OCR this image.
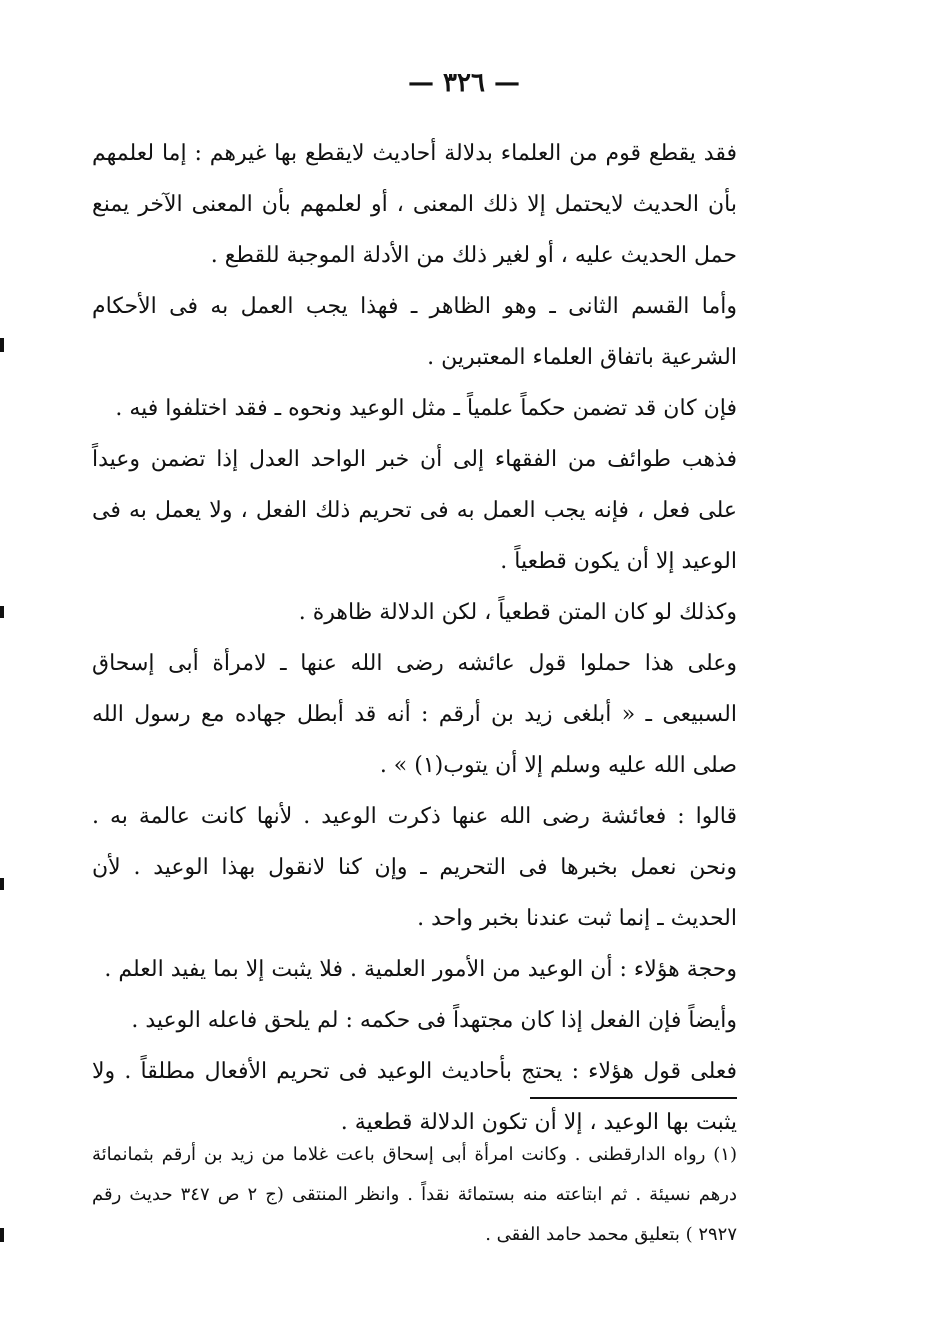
— ٣٢٦ —

فقد يقطع قوم من العلماء بدلالة أحاديث لايقطع بها غيرهم : إما لعلمهم بأن الحديث لايحتمل إلا ذلك المعنى ، أو لعلمهم بأن المعنى الآخر يمنع حمل الحديث عليه ، أو لغير ذلك من الأدلة الموجبة للقطع .

وأما القسم الثانى ـ وهو الظاهر ـ فهذا يجب العمل به فى الأحكام الشرعية باتفاق العلماء المعتبرين .

فإن كان قد تضمن حكماً علمياً ـ مثل الوعيد ونحوه ـ فقد اختلفوا فيه .

فذهب طوائف من الفقهاء إلى أن خبر الواحد العدل إذا تضمن وعيداً على فعل ، فإنه يجب العمل به فى تحريم ذلك الفعل ، ولا يعمل به فى الوعيد إلا أن يكون قطعياً .

وكذلك لو كان المتن قطعياً ، لكن الدلالة ظاهرة .

وعلى هذا حملوا قول عائشه رضى الله عنها ـ لامرأة أبى إسحاق السبيعى ـ « أبلغى زيد بن أرقم : أنه قد أبطل جهاده مع رسول الله صلى الله عليه وسلم إلا أن يتوب(١) » .

قالوا : فعائشة رضى الله عنها ذكرت الوعيد . لأنها كانت عالمة به . ونحن نعمل بخبرها فى التحريم ـ وإن كنا لانقول بهذا الوعيد . لأن الحديث ـ إنما ثبت عندنا بخبر واحد .

وحجة هؤلاء : أن الوعيد من الأمور العلمية . فلا يثبت إلا بما يفيد العلم .

وأيضاً فإن الفعل إذا كان مجتهداً فى حكمه : لم يلحق فاعله الوعيد .

فعلى قول هؤلاء : يحتج بأحاديث الوعيد فى تحريم الأفعال مطلقاً . ولا يثبت بها الوعيد ، إلا أن تكون الدلالة قطعية .

(١) رواه الدارقطنى . وكانت امرأة أبى إسحاق باعت غلاما من زيد بن أرقم بثمانمائة درهم نسيئة . ثم ابتاعته منه بستمائة نقداً . وانظر المنتقى (ج ٢ ص ٣٤٧ حديث رقم ٢٩٢٧ ) بتعليق محمد حامد الفقى .
